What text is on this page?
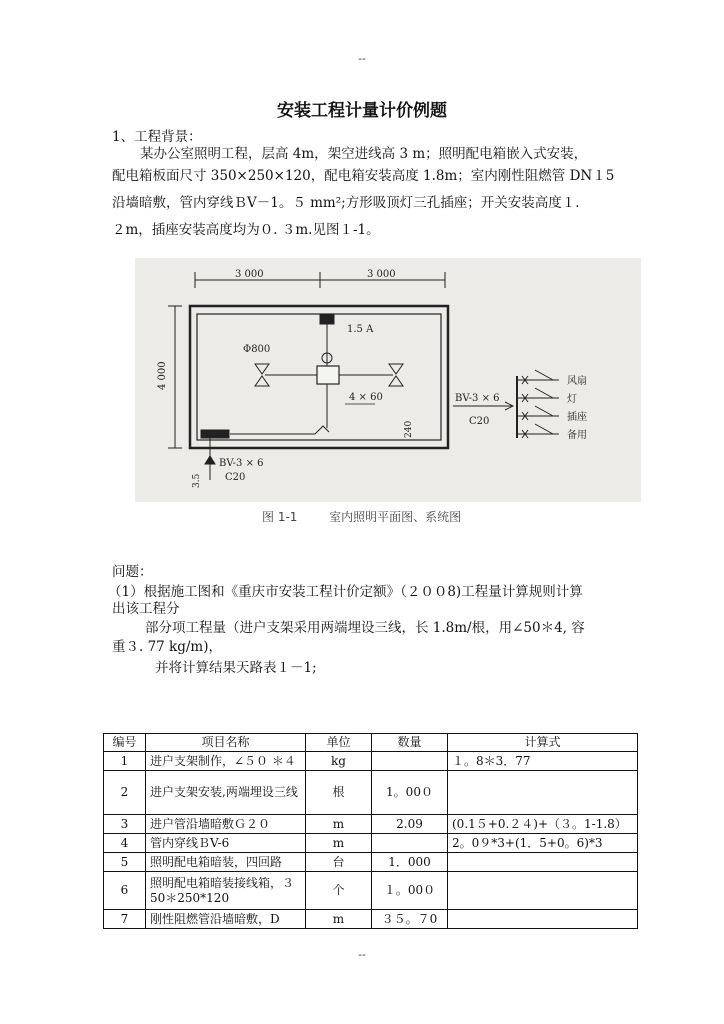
--
安装工程计量计价例题
1、工程背景：
某办公室照明工程，层高 4m，架空进线高 3 m；照明配电箱嵌入式安装，
配电箱板面尺寸 350×250×120，配电箱安装高度 1.8m；室内刚性阻燃管 DN１5
沿墙暗敷，管内穿线ＢV－1。５ mm²;方形吸顶灯三孔插座；开关安装高度１.
２m，插座安装高度均为０. ３m.见图１-1。
3 000	3 000
4 000
1.5 A
Φ800
4 × 60
240
BV-3 × 6
C20
3.5
BV-3 × 6
C20
风扇
灯
插座
备用
图 1-1	室内照明平面图、系统图
问题：
（1）根据施工图和《重庆市安装工程计价定额》（２００8)工程量计算规则计算
出该工程分
部分项工程量（进户支架采用两端埋设三线，长 1.8m/根，用∠50＊4, 容
重３. 77 kg/m)，
并将计算结果天路表１－1;
编号	项目名称	单位	数量	计算式
1	进户支架制作，∠５０ ＊４	kg		１。8＊3．77
2	进户支架安装,两端埋设三线	根	1。00０	
3	进户管沿墙暗敷Ｇ２０	m	2.09	(0.1５+0.２４)+（３。1-1.8）
4	管内穿线ＢV-6	m		2。0９*3+(1．5+0。6)*3
5	照明配电箱暗装，四回路	台	1．000	
6	照明配电箱暗装接线箱，３50＊250*120	个	１。00０	
7	刚性阻燃管沿墙暗敷，D	m	３５。７0	
--
